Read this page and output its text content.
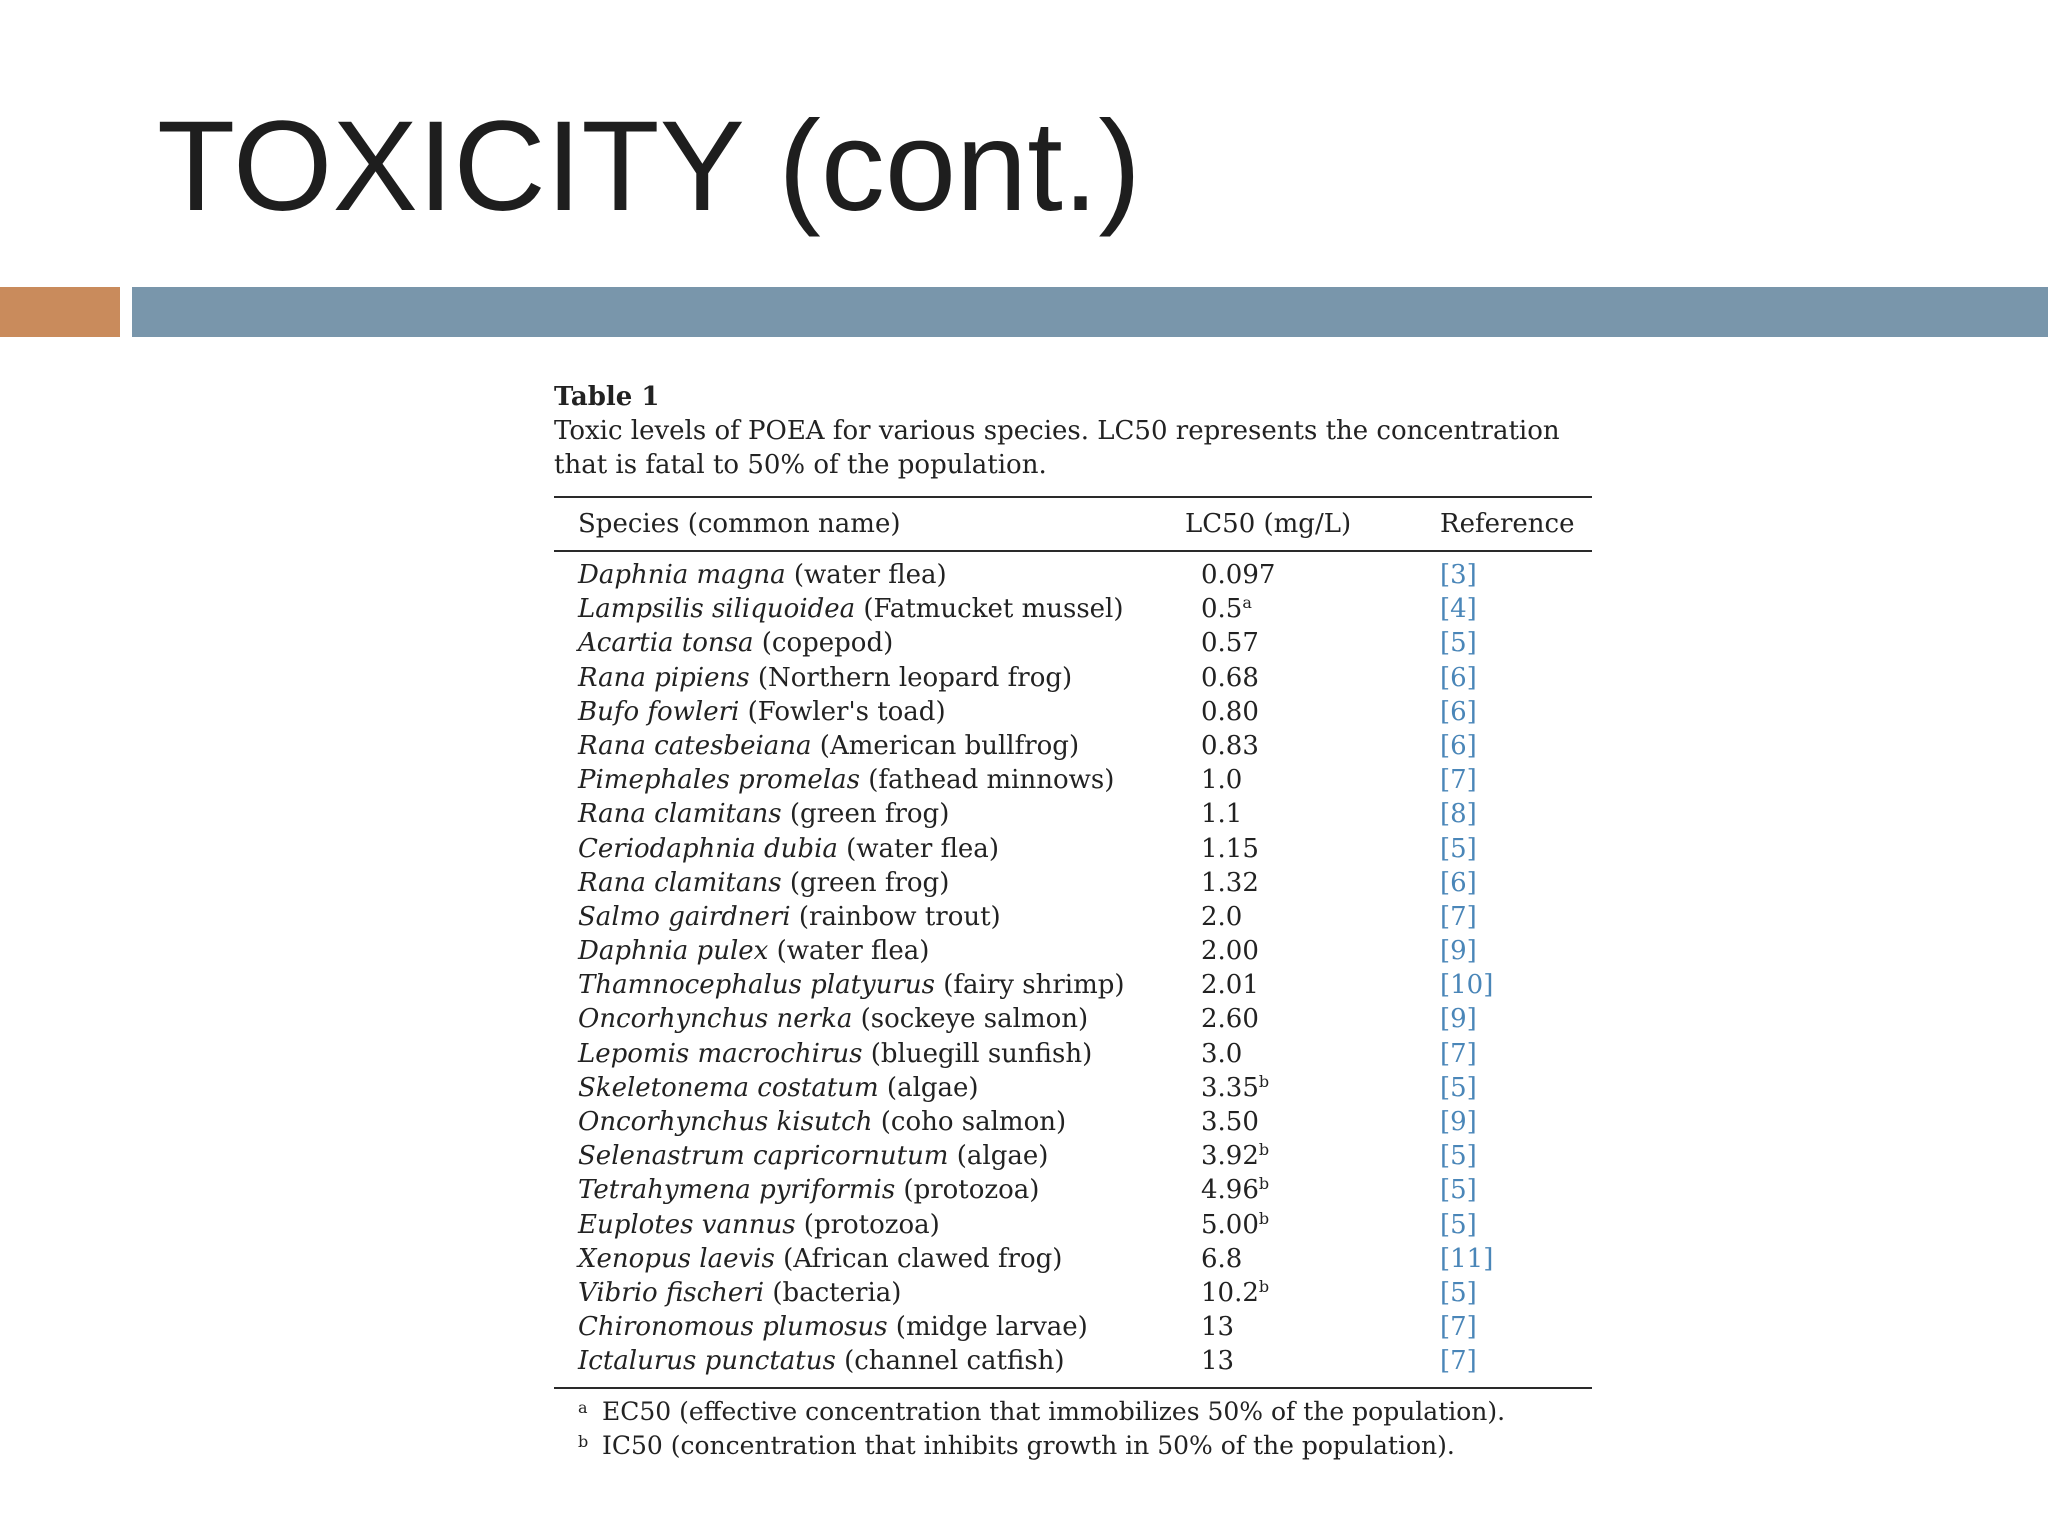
TOXICITY (cont.)
Table 1
Toxic levels of POEA for various species. LC50 represents the concentration that is fatal to 50% of the population.
Species (common name)	LC50 (mg/L)	Reference
Daphnia magna (water flea)	0.097	[3]
Lampsilis siliquoidea (Fatmucket mussel)	0.5$^a$	[4]
Acartia tonsa (copepod)	0.57	[5]
Rana pipiens (Northern leopard frog)	0.68	[6]
Bufo fowleri (Fowler's toad)	0.80	[6]
Rana catesbeiana (American bullfrog)	0.83	[6]
Pimephales promelas (fathead minnows)	1.0	[7]
Rana clamitans (green frog)	1.1	[8]
Ceriodaphnia dubia (water flea)	1.15	[5]
Rana clamitans (green frog)	1.32	[6]
Salmo gairdneri (rainbow trout)	2.0	[7]
Daphnia pulex (water flea)	2.00	[9]
Thamnocephalus platyurus (fairy shrimp)	2.01	[10]
Oncorhynchus nerka (sockeye salmon)	2.60	[9]
Lepomis macrochirus (bluegill sunfish)	3.0	[7]
Skeletonema costatum (algae)	3.35$^b$	[5]
Oncorhynchus kisutch (coho salmon)	3.50	[9]
Selenastrum capricornutum (algae)	3.92$^b$	[5]
Tetrahymena pyriformis (protozoa)	4.96$^b$	[5]
Euplotes vannus (protozoa)	5.00$^b$	[5]
Xenopus laevis (African clawed frog)	6.8	[11]
Vibrio fischeri (bacteria)	10.2$^b$	[5]
Chironomous plumosus (midge larvae)	13	[7]
Ictalurus punctatus (channel catfish)	13	[7]
a EC50 (effective concentration that immobilizes 50% of the population).
b IC50 (concentration that inhibits growth in 50% of the population).
